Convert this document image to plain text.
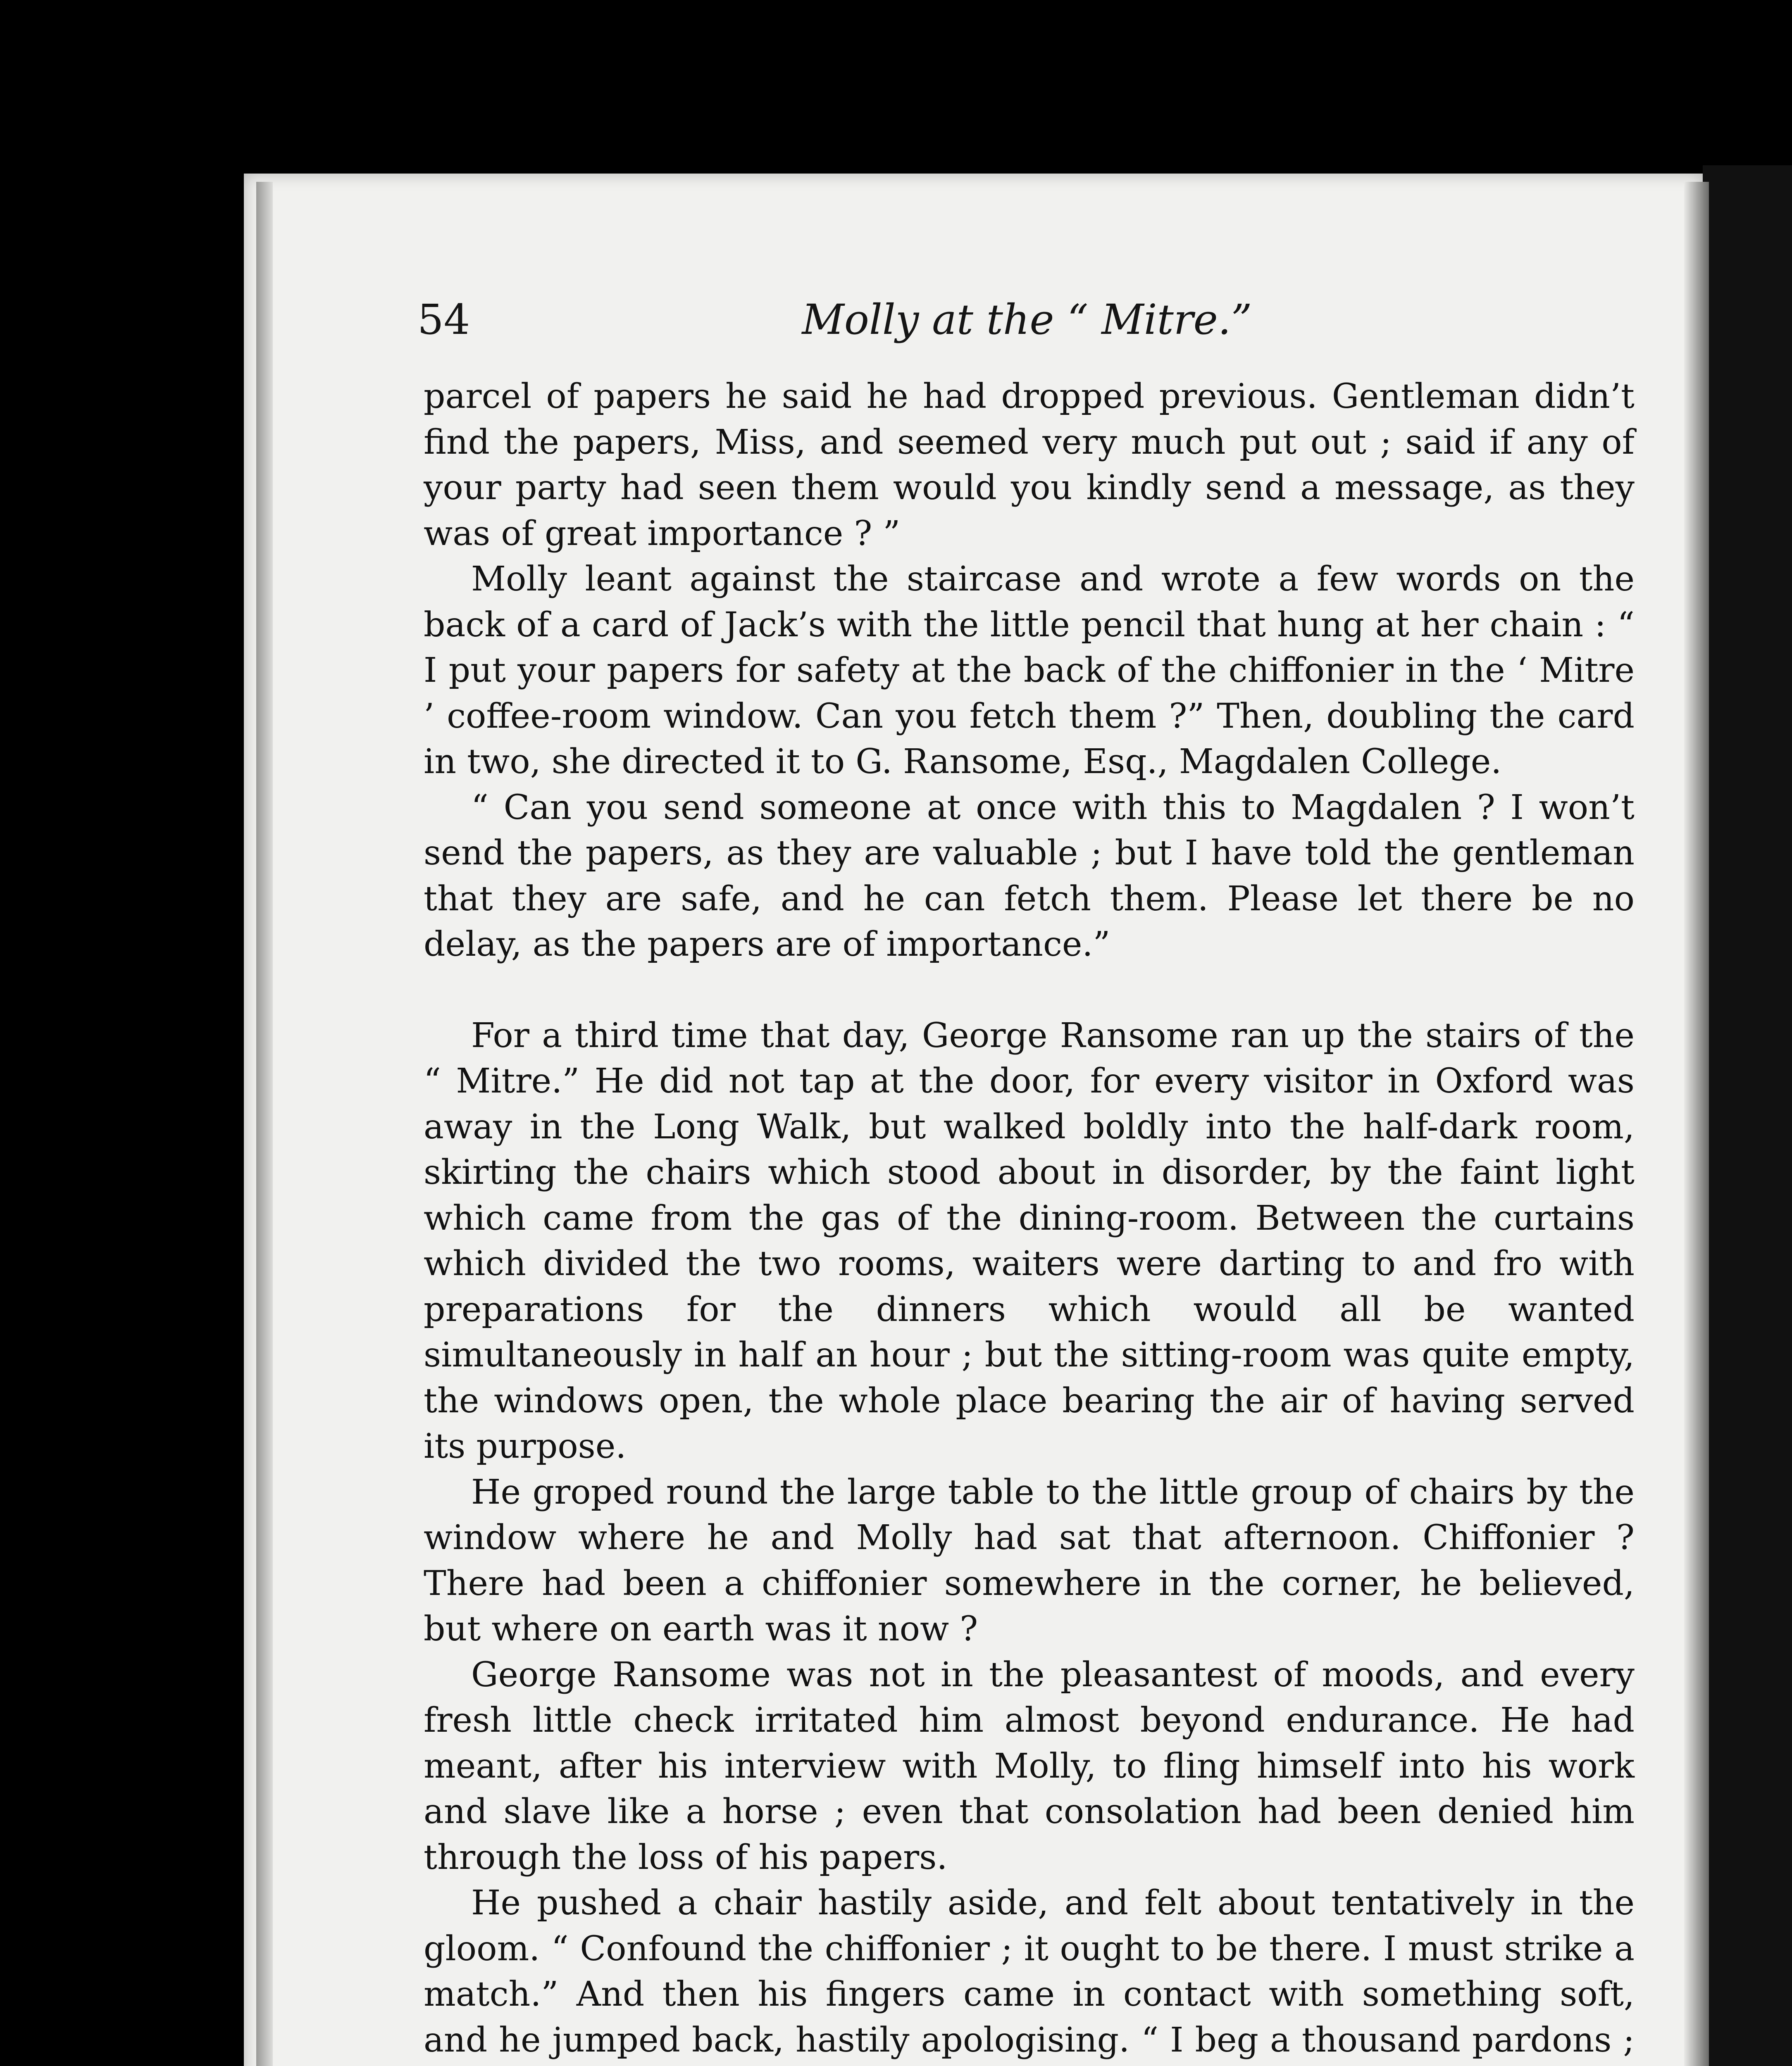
54	Molly at the “ Mitre.”

parcel of papers he said he had dropped previous. Gentleman didn’t find the papers, Miss, and seemed very much put out ; said if any of your party had seen them would you kindly send a message, as they was of great importance ? ”

Molly leant against the staircase and wrote a few words on the back of a card of Jack’s with the little pencil that hung at her chain : “ I put your papers for safety at the back of the chiffonier in the ‘ Mitre ’ coffee-room window. Can you fetch them ?” Then, doubling the card in two, she directed it to G. Ransome, Esq., Magdalen College.

“ Can you send someone at once with this to Magdalen ? I won’t send the papers, as they are valuable ; but I have told the gentleman that they are safe, and he can fetch them. Please let there be no delay, as the papers are of importance.”

For a third time that day, George Ransome ran up the stairs of the “ Mitre.” He did not tap at the door, for every visitor in Oxford was away in the Long Walk, but walked boldly into the half-dark room, skirting the chairs which stood about in disorder, by the faint light which came from the gas of the dining-room. Between the curtains which divided the two rooms, waiters were darting to and fro with preparations for the dinners which would all be wanted simultaneously in half an hour ; but the sitting-room was quite empty, the windows open, the whole place bearing the air of having served its purpose.

He groped round the large table to the little group of chairs by the window where he and Molly had sat that afternoon. Chiffonier ? There had been a chiffonier somewhere in the corner, he believed, but where on earth was it now ?

George Ransome was not in the pleasantest of moods, and every fresh little check irritated him almost beyond endurance. He had meant, after his interview with Molly, to fling himself into his work and slave like a horse ; even that consolation had been denied him through the loss of his papers.

He pushed a chair hastily aside, and felt about tentatively in the gloom. “ Confound the chiffonier ; it ought to be there. I must strike a match.” And then his fingers came in contact with something soft, and he jumped back, hastily apologising. “ I beg a thousand pardons ;
